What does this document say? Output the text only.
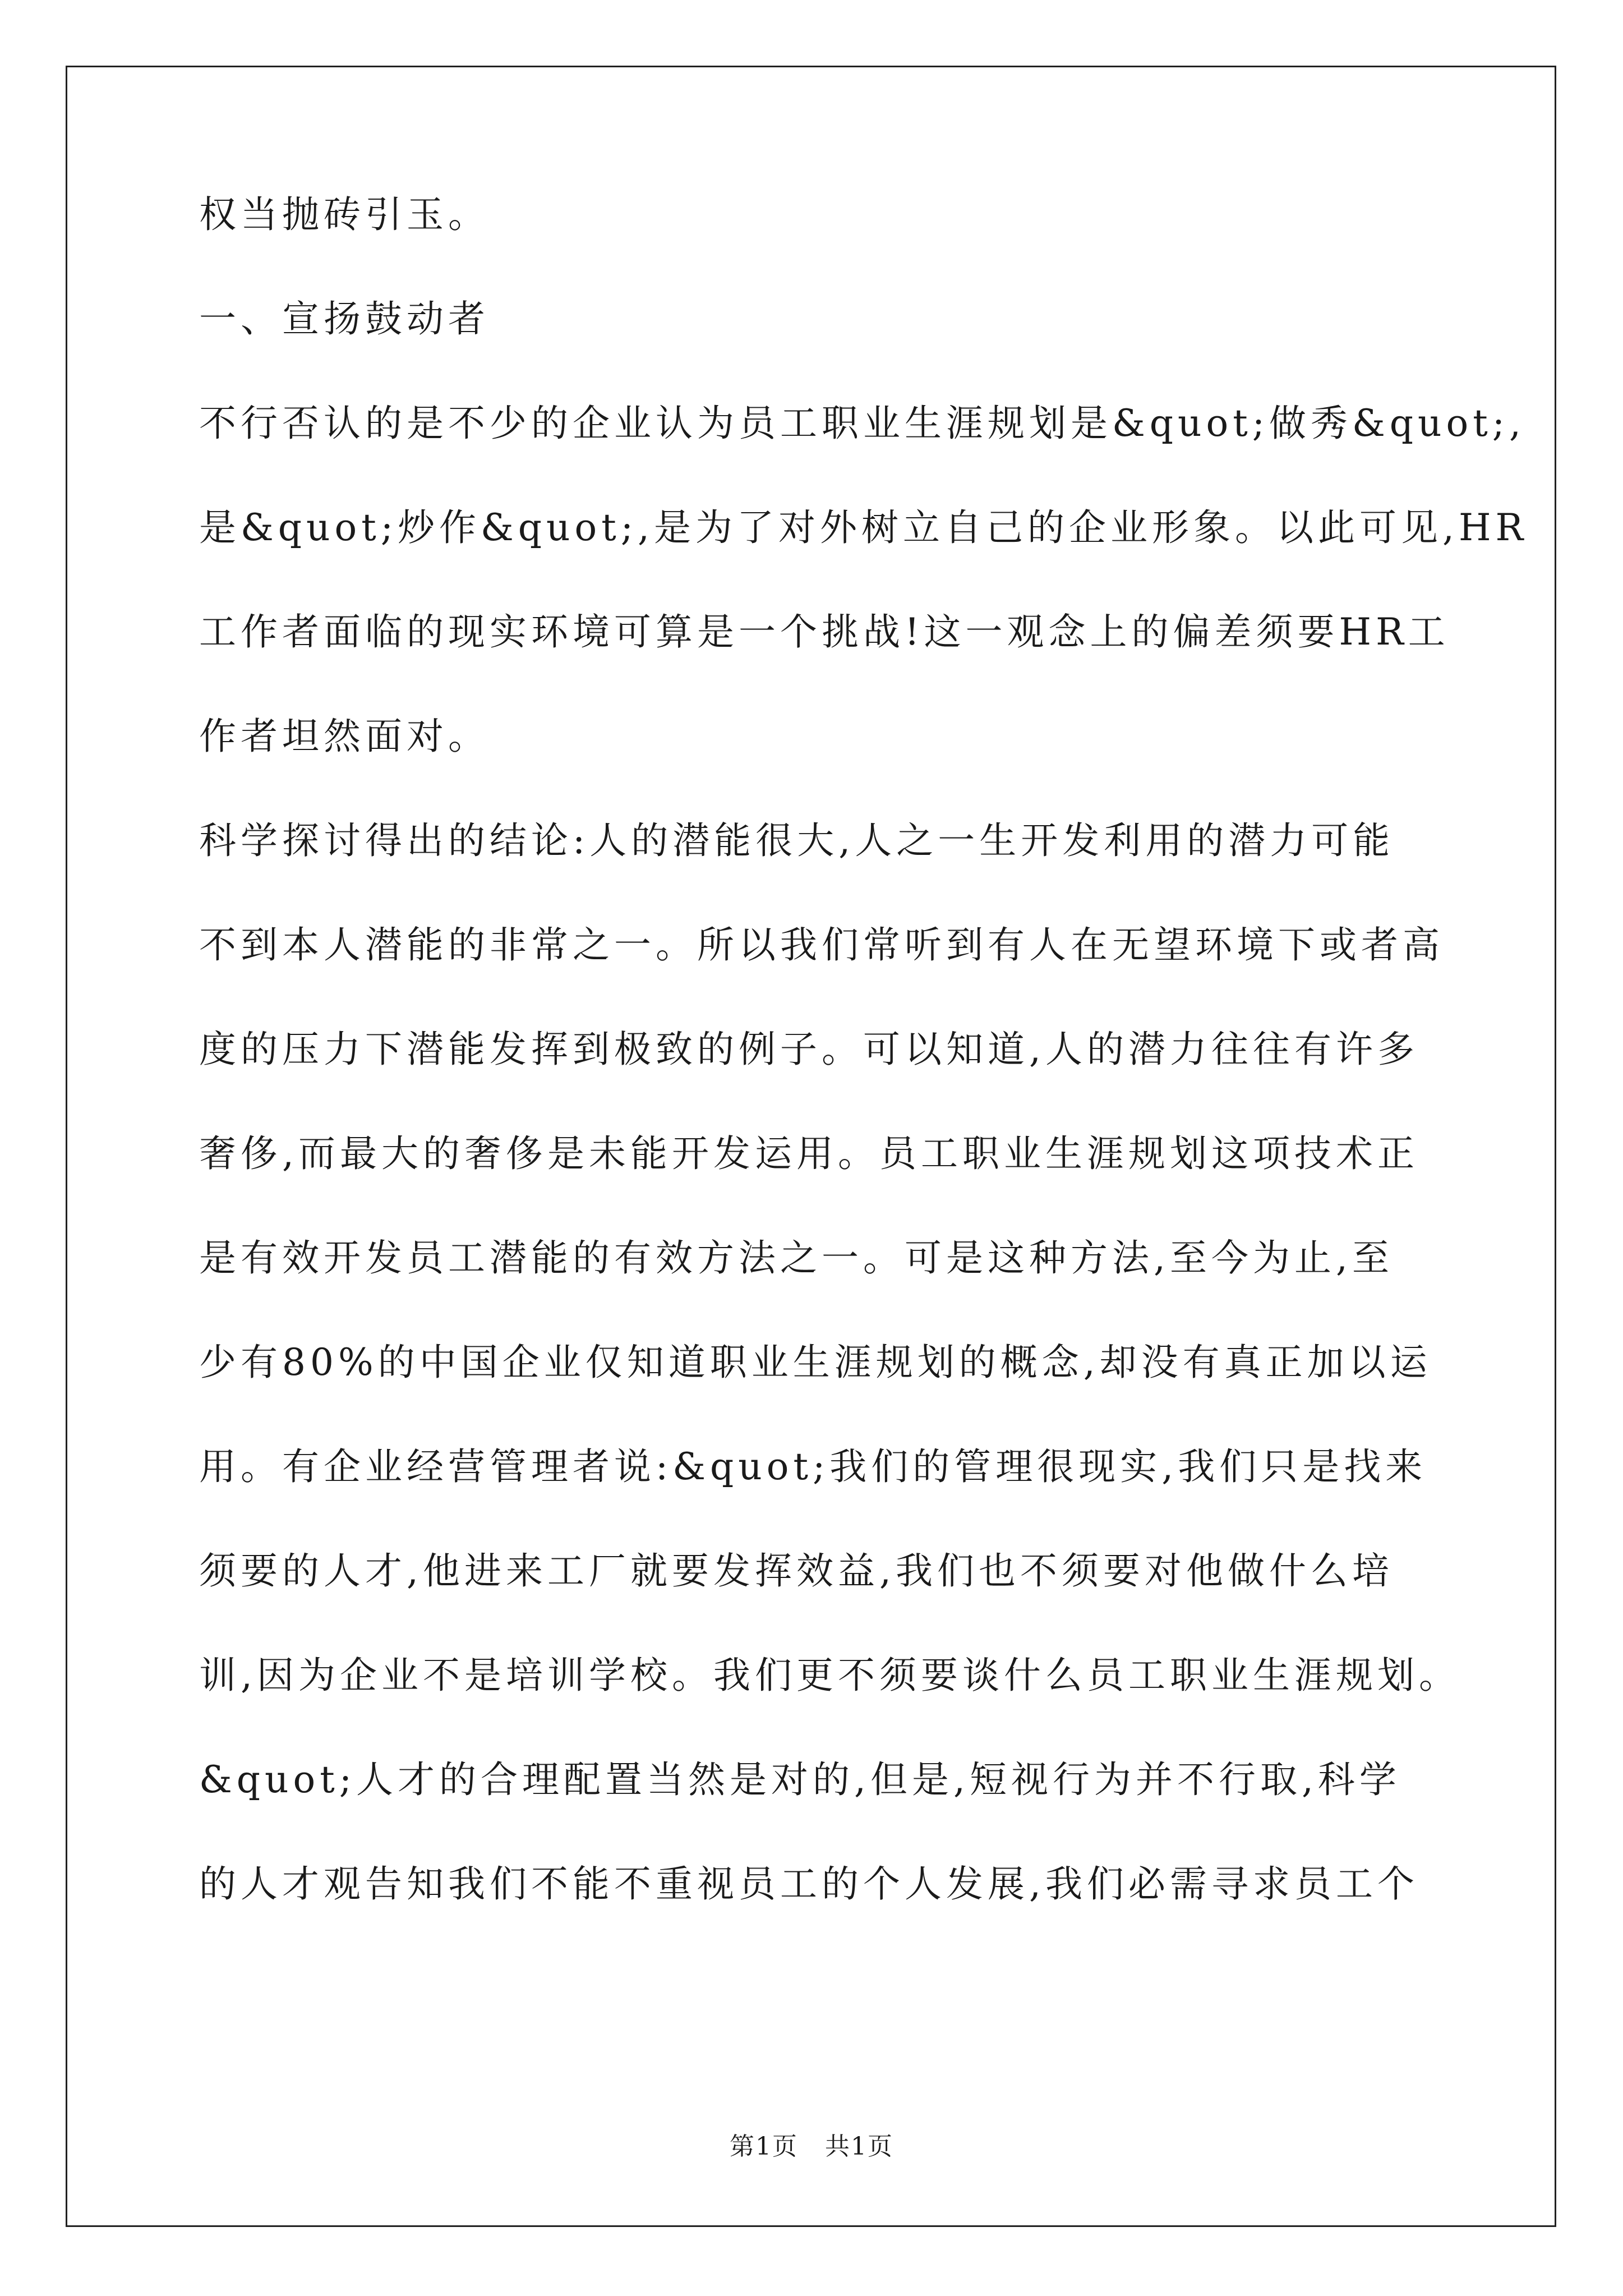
权当抛砖引玉。
一、宣扬鼓动者
不行否认的是不少的企业认为员工职业生涯规划是&quot;做秀&quot;,
是&quot;炒作&quot;,是为了对外树立自己的企业形象。以此可见,HR
工作者面临的现实环境可算是一个挑战!这一观念上的偏差须要HR工
作者坦然面对。
科学探讨得出的结论:人的潜能很大,人之一生开发利用的潜力可能
不到本人潜能的非常之一。所以我们常听到有人在无望环境下或者高
度的压力下潜能发挥到极致的例子。可以知道,人的潜力往往有许多
奢侈,而最大的奢侈是未能开发运用。员工职业生涯规划这项技术正
是有效开发员工潜能的有效方法之一。可是这种方法,至今为止,至
少有80%的中国企业仅知道职业生涯规划的概念,却没有真正加以运
用。有企业经营管理者说:&quot;我们的管理很现实,我们只是找来
须要的人才,他进来工厂就要发挥效益,我们也不须要对他做什么培
训,因为企业不是培训学校。我们更不须要谈什么员工职业生涯规划。
&quot;人才的合理配置当然是对的,但是,短视行为并不行取,科学
的人才观告知我们不能不重视员工的个人发展,我们必需寻求员工个
第1页 共1页
